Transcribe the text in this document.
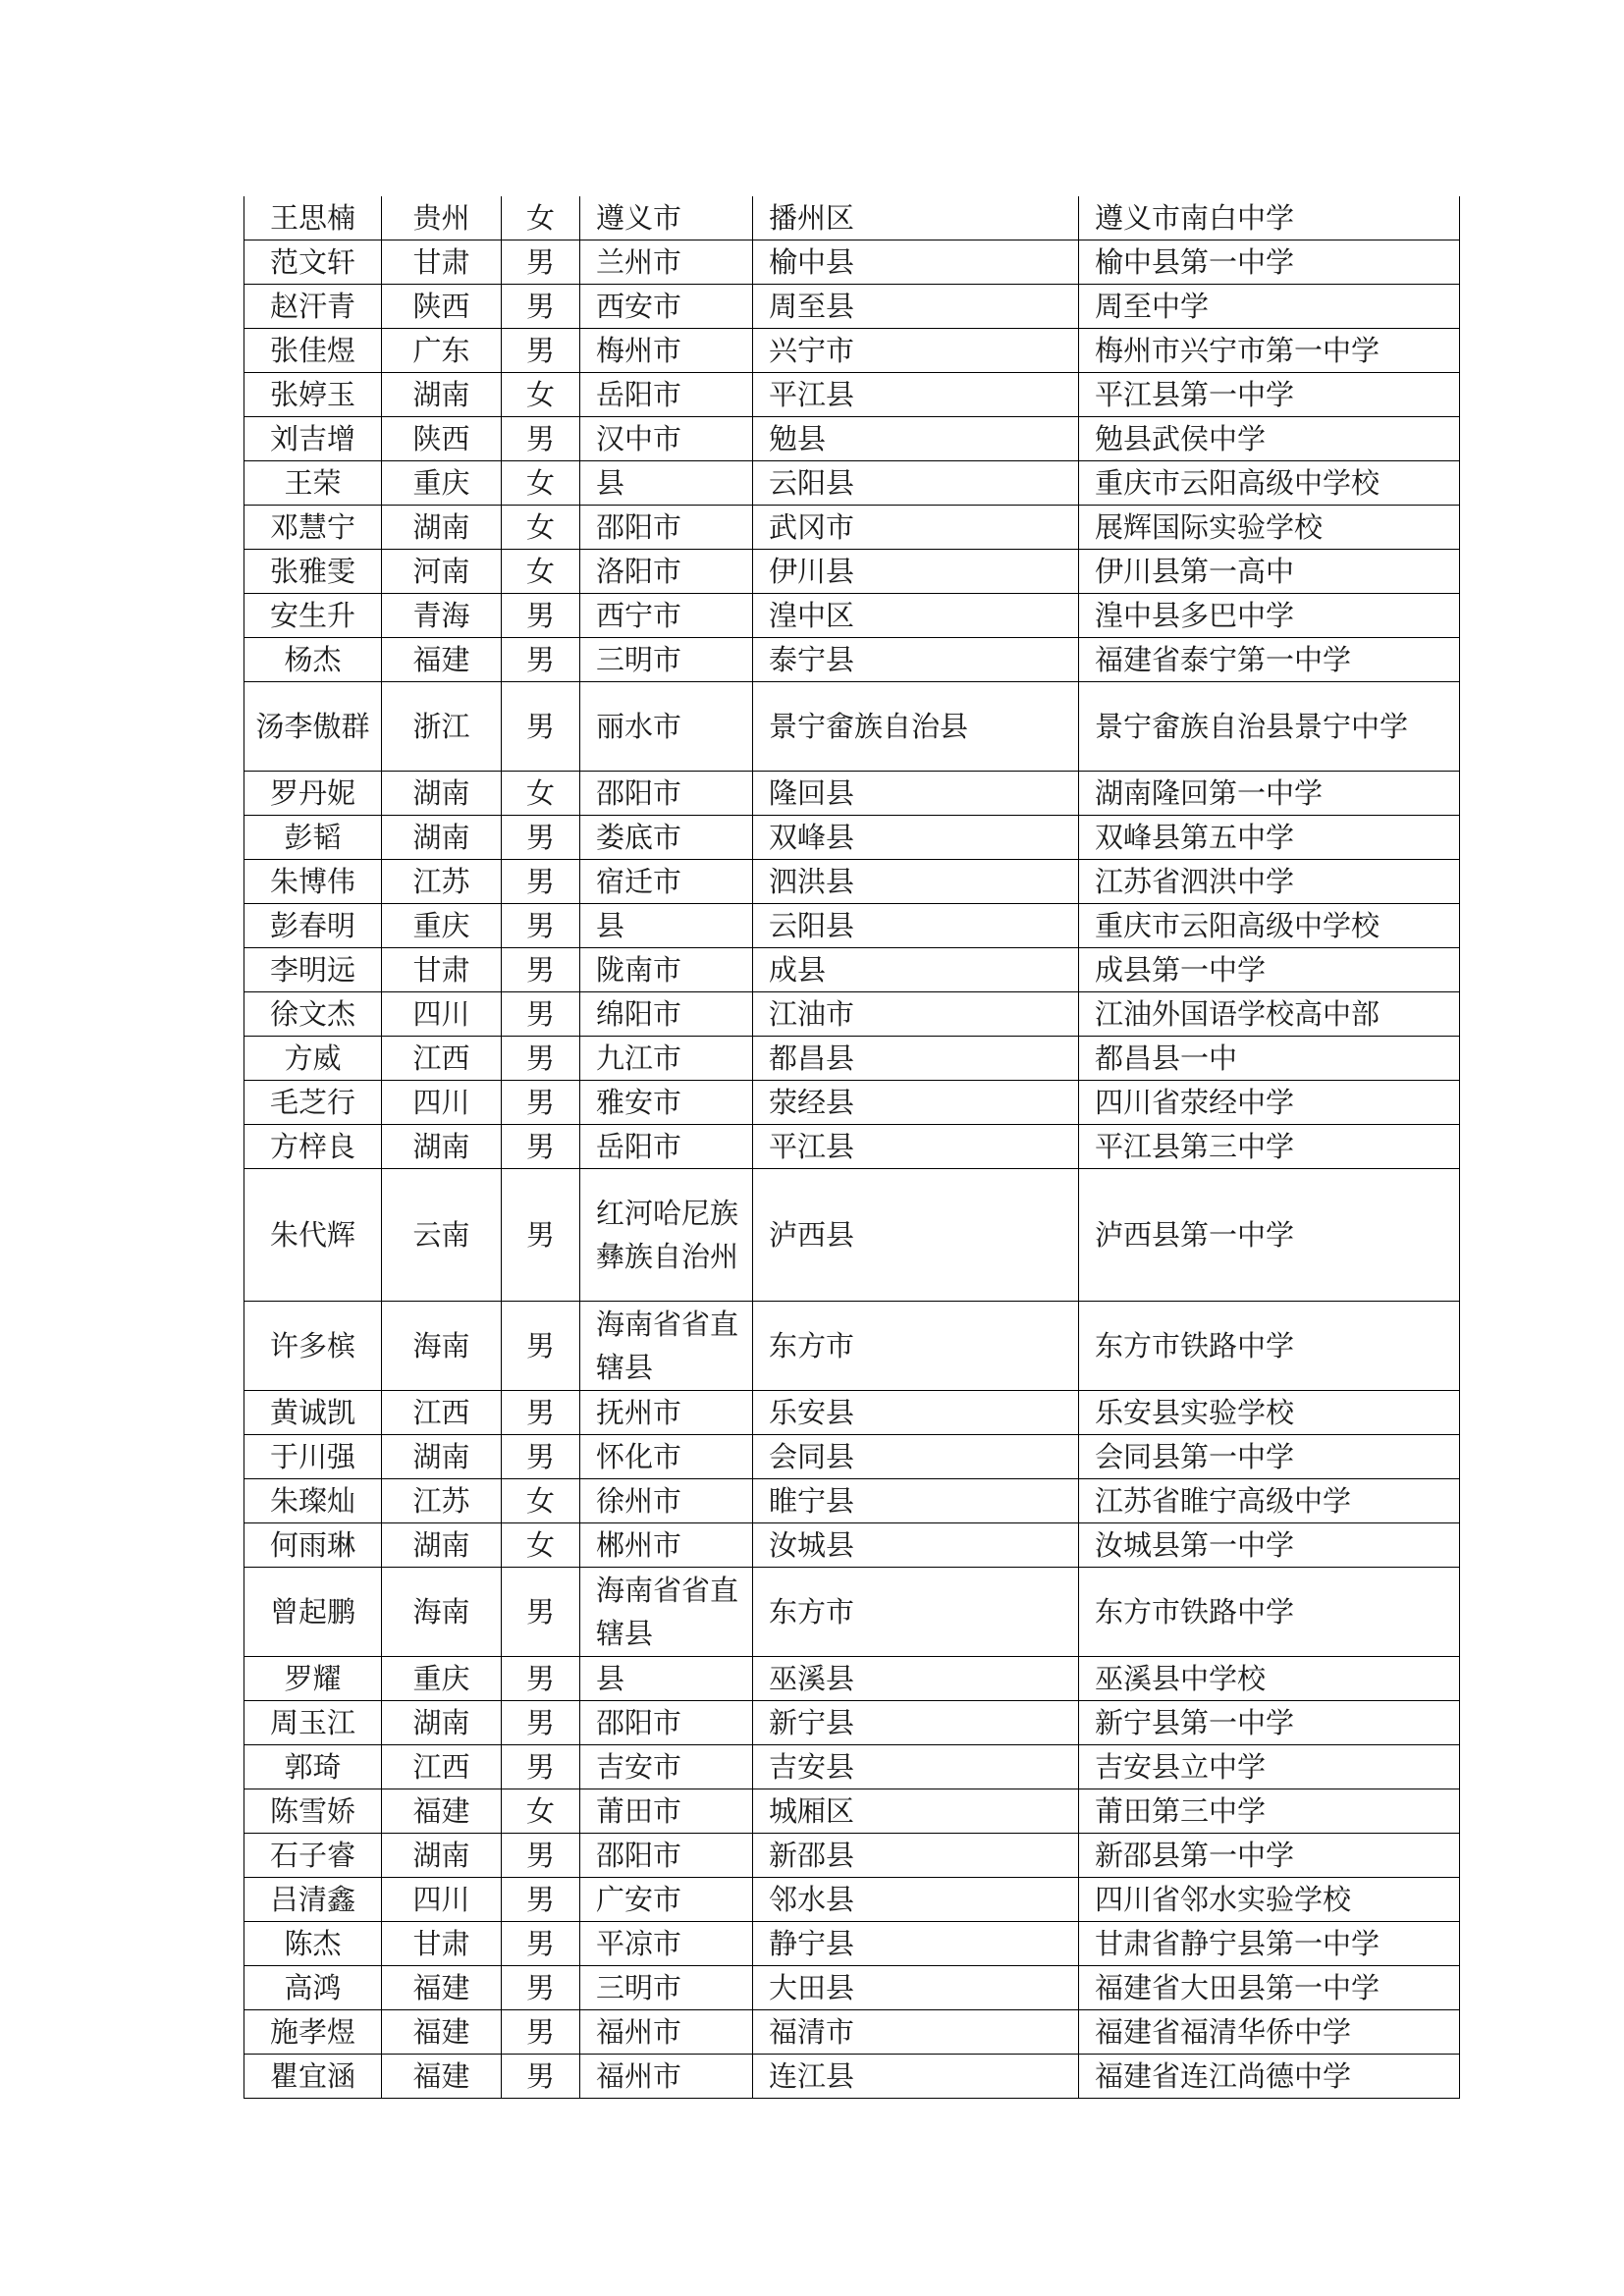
王思楠	贵州	女	遵义市	播州区	遵义市南白中学
范文轩	甘肃	男	兰州市	榆中县	榆中县第一中学
赵汗青	陕西	男	西安市	周至县	周至中学
张佳煜	广东	男	梅州市	兴宁市	梅州市兴宁市第一中学
张婷玉	湖南	女	岳阳市	平江县	平江县第一中学
刘吉增	陕西	男	汉中市	勉县	勉县武侯中学
王荣	重庆	女	县	云阳县	重庆市云阳高级中学校
邓慧宁	湖南	女	邵阳市	武冈市	展辉国际实验学校
张雅雯	河南	女	洛阳市	伊川县	伊川县第一高中
安生升	青海	男	西宁市	湟中区	湟中县多巴中学
杨杰	福建	男	三明市	泰宁县	福建省泰宁第一中学
汤李傲群	浙江	男	丽水市	景宁畲族自治县	景宁畲族自治县景宁中学
罗丹妮	湖南	女	邵阳市	隆回县	湖南隆回第一中学
彭韬	湖南	男	娄底市	双峰县	双峰县第五中学
朱博伟	江苏	男	宿迁市	泗洪县	江苏省泗洪中学
彭春明	重庆	男	县	云阳县	重庆市云阳高级中学校
李明远	甘肃	男	陇南市	成县	成县第一中学
徐文杰	四川	男	绵阳市	江油市	江油外国语学校高中部
方威	江西	男	九江市	都昌县	都昌县一中
毛芝行	四川	男	雅安市	荥经县	四川省荥经中学
方梓良	湖南	男	岳阳市	平江县	平江县第三中学
朱代辉	云南	男	红河哈尼族彝族自治州	泸西县	泸西县第一中学
许多槟	海南	男	海南省省直辖县	东方市	东方市铁路中学
黄诚凯	江西	男	抚州市	乐安县	乐安县实验学校
于川强	湖南	男	怀化市	会同县	会同县第一中学
朱璨灿	江苏	女	徐州市	睢宁县	江苏省睢宁高级中学
何雨琳	湖南	女	郴州市	汝城县	汝城县第一中学
曾起鹏	海南	男	海南省省直辖县	东方市	东方市铁路中学
罗耀	重庆	男	县	巫溪县	巫溪县中学校
周玉江	湖南	男	邵阳市	新宁县	新宁县第一中学
郭琦	江西	男	吉安市	吉安县	吉安县立中学
陈雪娇	福建	女	莆田市	城厢区	莆田第三中学
石子睿	湖南	男	邵阳市	新邵县	新邵县第一中学
吕清鑫	四川	男	广安市	邻水县	四川省邻水实验学校
陈杰	甘肃	男	平凉市	静宁县	甘肃省静宁县第一中学
高鸿	福建	男	三明市	大田县	福建省大田县第一中学
施孝煜	福建	男	福州市	福清市	福建省福清华侨中学
瞿宜涵	福建	男	福州市	连江县	福建省连江尚德中学
